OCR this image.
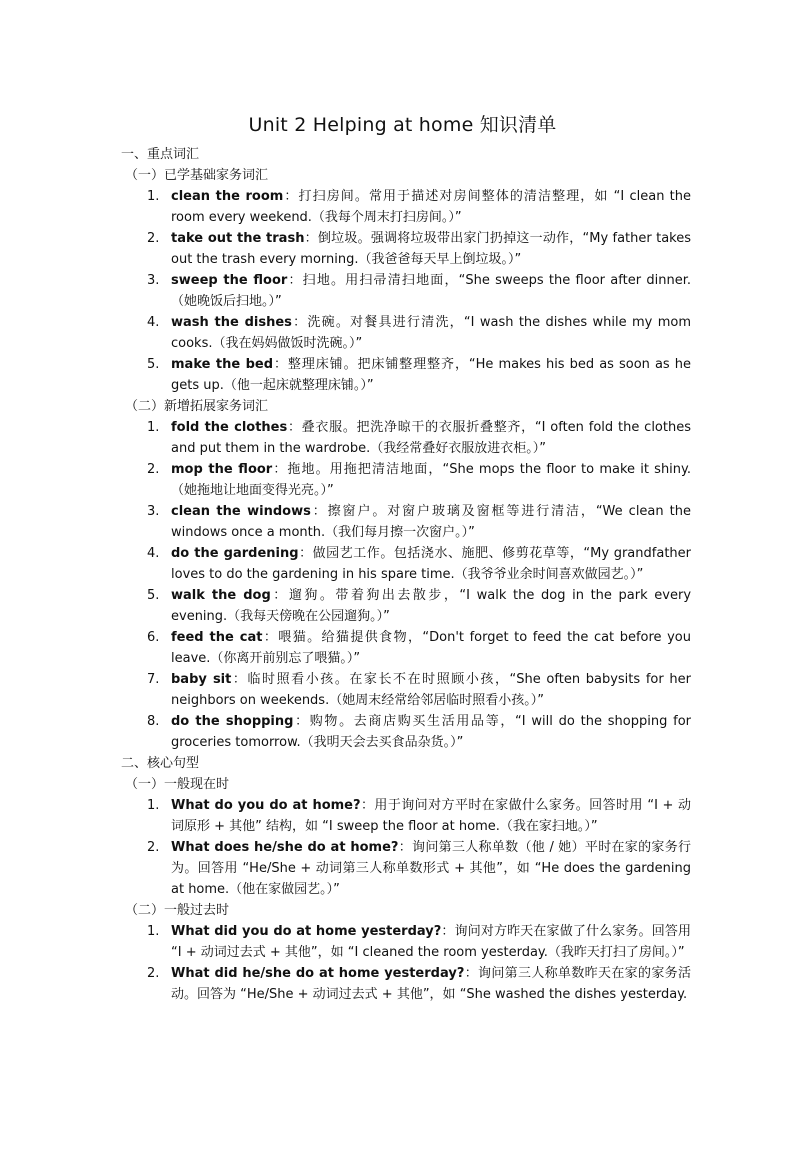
Unit 2 Helping at home 知识清单
一、重点词汇
（一）已学基础家务词汇
1. clean the room：打扫房间。常用于描述对房间整体的清洁整理，如 “I clean the room every weekend.（我每个周末打扫房间。）”
2. take out the trash：倒垃圾。强调将垃圾带出家门扔掉这一动作，“My father takes out the trash every morning.（我爸爸每天早上倒垃圾。）”
3. sweep the floor：扫地。用扫帚清扫地面，“She sweeps the floor after dinner.（她晚饭后扫地。）”
4. wash the dishes：洗碗。对餐具进行清洗，“I wash the dishes while my mom cooks.（我在妈妈做饭时洗碗。）”
5. make the bed：整理床铺。把床铺整理整齐，“He makes his bed as soon as he gets up.（他一起床就整理床铺。）”
（二）新增拓展家务词汇
1. fold the clothes：叠衣服。把洗净晾干的衣服折叠整齐，“I often fold the clothes and put them in the wardrobe.（我经常叠好衣服放进衣柜。）”
2. mop the floor：拖地。用拖把清洁地面，“She mops the floor to make it shiny.（她拖地让地面变得光亮。）”
3. clean the windows：擦窗户。对窗户玻璃及窗框等进行清洁，“We clean the windows once a month.（我们每月擦一次窗户。）”
4. do the gardening：做园艺工作。包括浇水、施肥、修剪花草等，“My grandfather loves to do the gardening in his spare time.（我爷爷业余时间喜欢做园艺。）”
5. walk the dog：遛狗。带着狗出去散步，“I walk the dog in the park every evening.（我每天傍晚在公园遛狗。）”
6. feed the cat：喂猫。给猫提供食物，“Don't forget to feed the cat before you leave.（你离开前别忘了喂猫。）”
7. baby sit：临时照看小孩。在家长不在时照顾小孩，“She often babysits for her neighbors on weekends.（她周末经常给邻居临时照看小孩。）”
8. do the shopping：购物。去商店购买生活用品等，“I will do the shopping for groceries tomorrow.（我明天会去买食品杂货。）”
二、核心句型
（一）一般现在时
1. What do you do at home?：用于询问对方平时在家做什么家务。回答时用 “I + 动词原形 + 其他” 结构，如 “I sweep the floor at home.（我在家扫地。）”
2. What does he/she do at home?：询问第三人称单数（他 / 她）平时在家的家务行为。回答用 “He/She + 动词第三人称单数形式 + 其他”，如 “He does the gardening at home.（他在家做园艺。）”
（二）一般过去时
1. What did you do at home yesterday?：询问对方昨天在家做了什么家务。回答用 “I + 动词过去式 + 其他”，如 “I cleaned the room yesterday.（我昨天打扫了房间。）”
2. What did he/she do at home yesterday?：询问第三人称单数昨天在家的家务活动。回答为 “He/She + 动词过去式 + 其他”，如 “She washed the dishes yesterday.
